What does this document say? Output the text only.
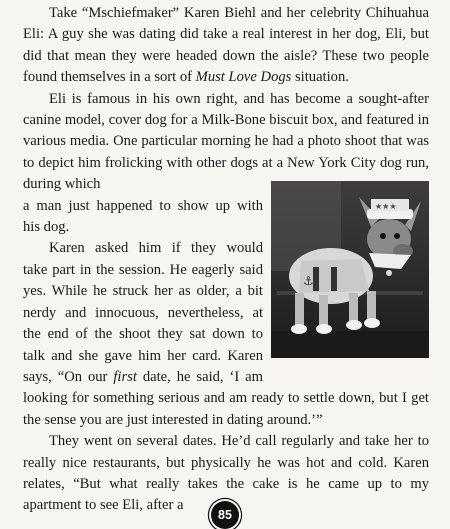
Take “Mschiefmaker” Karen Biehl and her celebrity Chihuahua Eli: A guy she was dating did take a real interest in her dog, Eli, but did that mean they were headed down the aisle? These two people found themselves in a sort of Must Love Dogs situation.

Eli is famous in his own right, and has become a sought-after canine model, cover dog for a Milk-Bone biscuit box, and featured in various media. One particular morning he had a photo shoot that was to depict him frolicking with other dogs at a New York City dog run, during which

a man just happened to show up with
his dog.
Karen asked him if they would
take part in the session. He eagerly said
yes. While he struck her as older, a bit
nerdy and innocuous, nevertheless, at
the end of the shoot they sat down to
talk and she gave him her card. Karen
says, “On our first date, he said, ‘I am
looking for something serious and am ready to settle down, but I get the sense you are just interested in dating around.’”

They went on several dates. He’d call regularly and take her to really nice restaurants, but physically he was hot and cold. Karen relates, “But what really takes the cake is he came up to my apartment to see Eli, after a

★★★
⚓
85
